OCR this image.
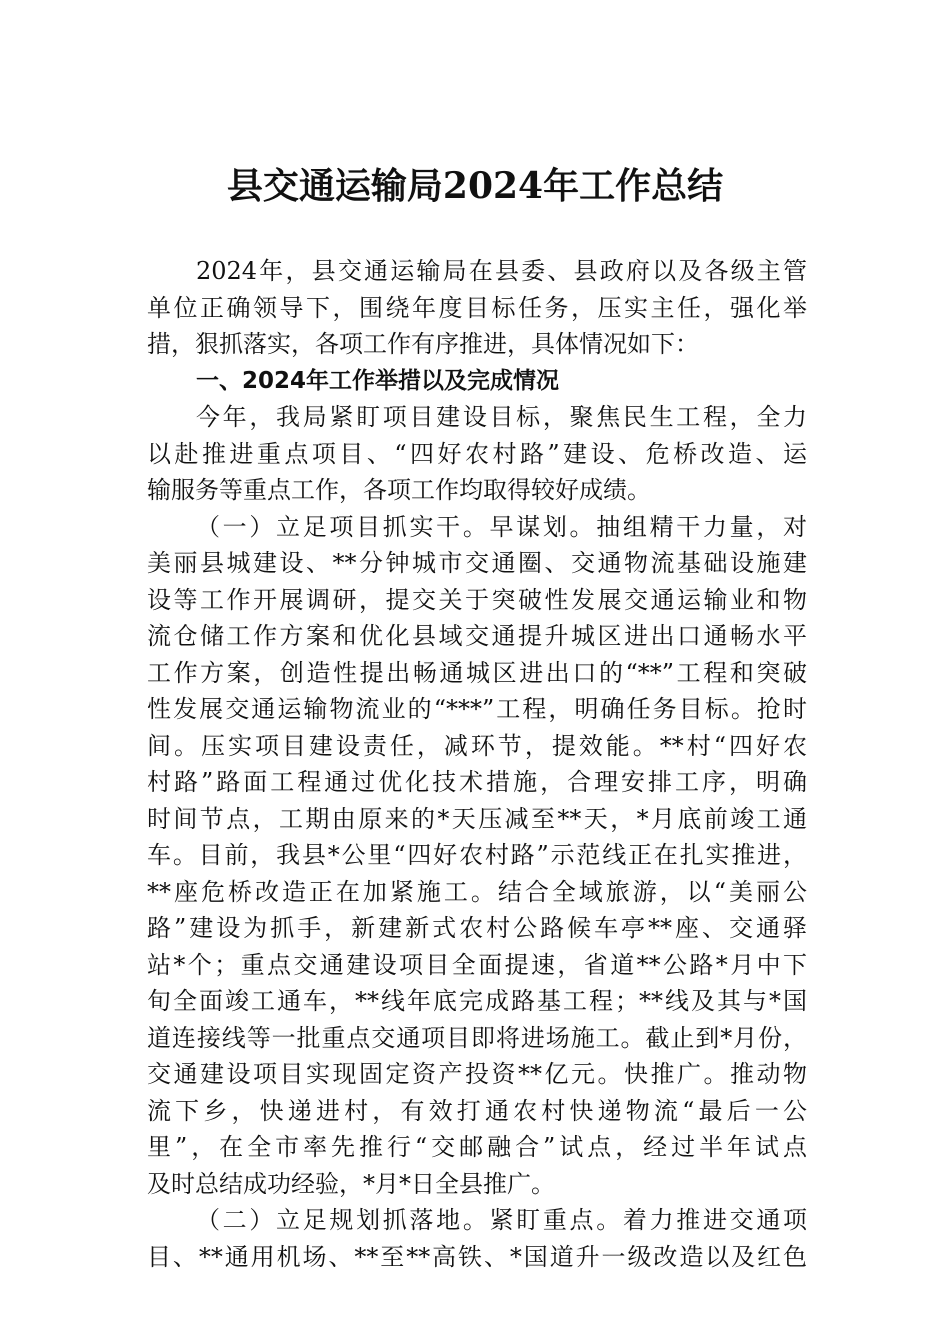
县交通运输局2024年工作总结
2024年，县交通运输局在县委、县政府以及各级主管
单位正确领导下，围绕年度目标任务，压实主任，强化举
措，狠抓落实，各项工作有序推进，具体情况如下：
一、2024年工作举措以及完成情况
今年，我局紧盯项目建设目标，聚焦民生工程，全力
以赴推进重点项目、“四好农村路”建设、危桥改造、运
输服务等重点工作，各项工作均取得较好成绩。
（一）立足项目抓实干。早谋划。抽组精干力量，对
美丽县城建设、**分钟城市交通圈、交通物流基础设施建
设等工作开展调研，提交关于突破性发展交通运输业和物
流仓储工作方案和优化县域交通提升城区进出口通畅水平
工作方案，创造性提出畅通城区进出口的“**”工程和突破
性发展交通运输物流业的“***”工程，明确任务目标。抢时
间。压实项目建设责任，减环节，提效能。**村“四好农
村路”路面工程通过优化技术措施，合理安排工序，明确
时间节点，工期由原来的*天压减至**天，*月底前竣工通
车。目前，我县*公里“四好农村路”示范线正在扎实推进，
**座危桥改造正在加紧施工。结合全域旅游，以“美丽公
路”建设为抓手，新建新式农村公路候车亭**座、交通驿
站*个；重点交通建设项目全面提速，省道**公路*月中下
旬全面竣工通车，**线年底完成路基工程；**线及其与*国
道连接线等一批重点交通项目即将进场施工。截止到*月份，
交通建设项目实现固定资产投资**亿元。快推广。推动物
流下乡，快递进村，有效打通农村快递物流“最后一公
里”，在全市率先推行“交邮融合”试点，经过半年试点
及时总结成功经验，*月*日全县推广。
（二）立足规划抓落地。紧盯重点。着力推进交通项
目、**通用机场、**至**高铁、*国道升一级改造以及红色
